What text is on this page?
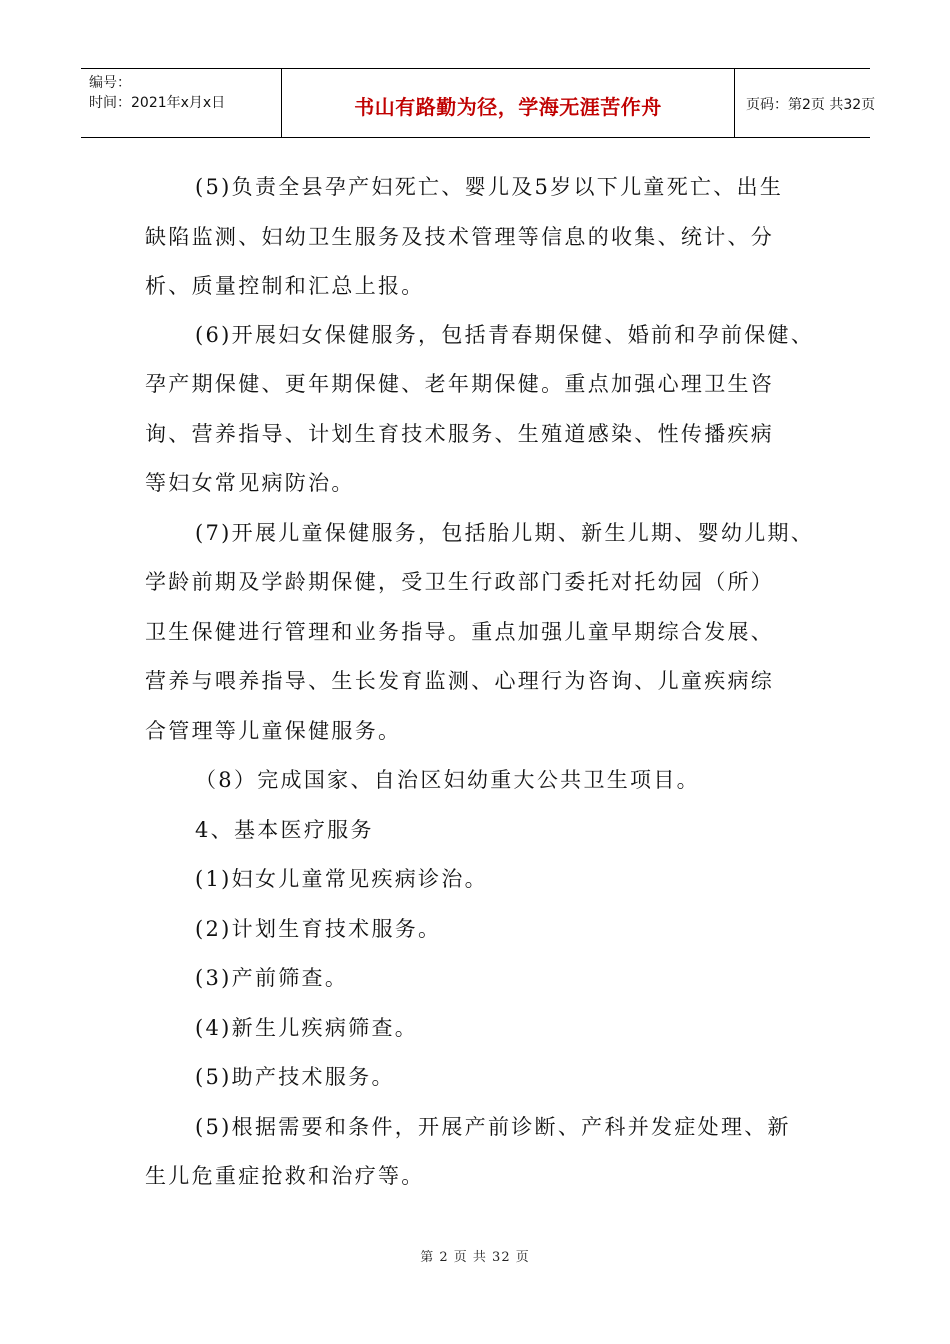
编号：
时间：2021年x月x日	书山有路勤为径，学海无涯苦作舟	页码：第2页 共32页
(5)负责全县孕产妇死亡、婴儿及5岁以下儿童死亡、出生
缺陷监测、妇幼卫生服务及技术管理等信息的收集、统计、分
析、质量控制和汇总上报。
(6)开展妇女保健服务，包括青春期保健、婚前和孕前保健、
孕产期保健、更年期保健、老年期保健。重点加强心理卫生咨
询、营养指导、计划生育技术服务、生殖道感染、性传播疾病
等妇女常见病防治。
(7)开展儿童保健服务，包括胎儿期、新生儿期、婴幼儿期、
学龄前期及学龄期保健，受卫生行政部门委托对托幼园（所）
卫生保健进行管理和业务指导。重点加强儿童早期综合发展、
营养与喂养指导、生长发育监测、心理行为咨询、儿童疾病综
合管理等儿童保健服务。
（8）完成国家、自治区妇幼重大公共卫生项目。
4、基本医疗服务
(1)妇女儿童常见疾病诊治。
(2)计划生育技术服务。
(3)产前筛查。
(4)新生儿疾病筛查。
(5)助产技术服务。
(5)根据需要和条件，开展产前诊断、产科并发症处理、新
生儿危重症抢救和治疗等。
第 2 页 共 32 页
